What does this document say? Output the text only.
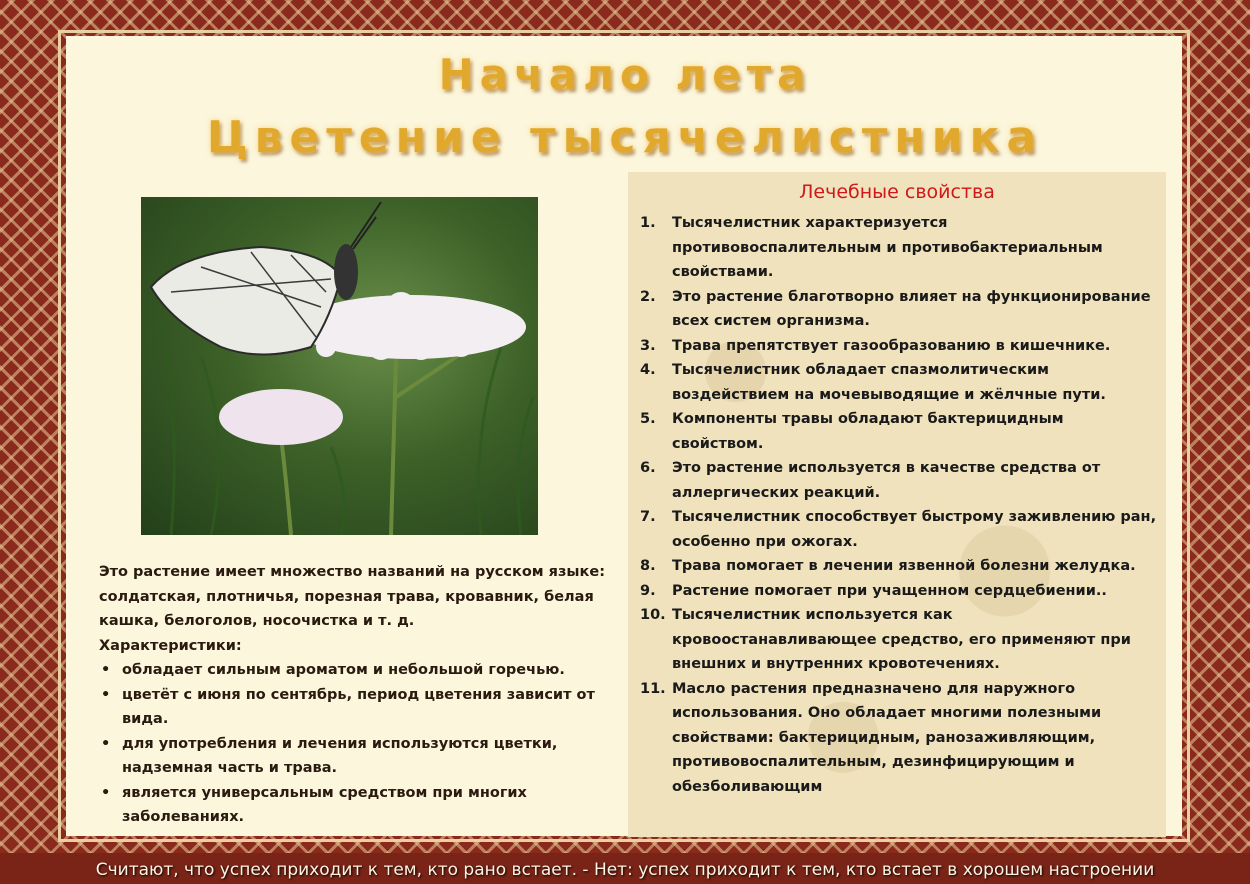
Начало лета
Цветение тысячелистника

Это растение имеет множество названий на русском языке: солдатская, плотничья, порезная трава, кровавник, белая кашка, белоголов, носочистка и т. д.

Характеристики:

• обладает сильным ароматом и небольшой горечью.
• цветёт с июня по сентябрь, период цветения зависит от вида.
• для употребления и лечения используются цветки, надземная часть и трава.
• является универсальным средством при многих заболеваниях.
Лечебные свойства
1. Тысячелистник характеризуется противовоспалительным и противобактериальным свойствами.
2. Это растение благотворно влияет на функционирование всех систем организма.
3. Трава препятствует газообразованию в кишечнике.
4. Тысячелистник обладает спазмолитическим воздействием на мочевыводящие и жёлчные пути.
5. Компоненты травы обладают бактерицидным свойством.
6. Это растение используется в качестве средства от аллергических реакций.
7. Тысячелистник способствует быстрому заживлению ран, особенно при ожогах.
8. Трава помогает в лечении язвенной болезни желудка.
9. Растение помогает при учащенном сердцебиении..
10. Тысячелистник используется как кровоостанавливающее средство, его применяют при внешних и внутренних кровотечениях.
11. Масло растения предназначено для наружного использования. Оно обладает многими полезными свойствами: бактерицидным, ранозаживляющим, противовоспалительным, дезинфицирующим и обезболивающим
Считают, что успех приходит к тем, кто рано встает. - Нет: успех приходит к тем, кто встает в хорошем настроении
